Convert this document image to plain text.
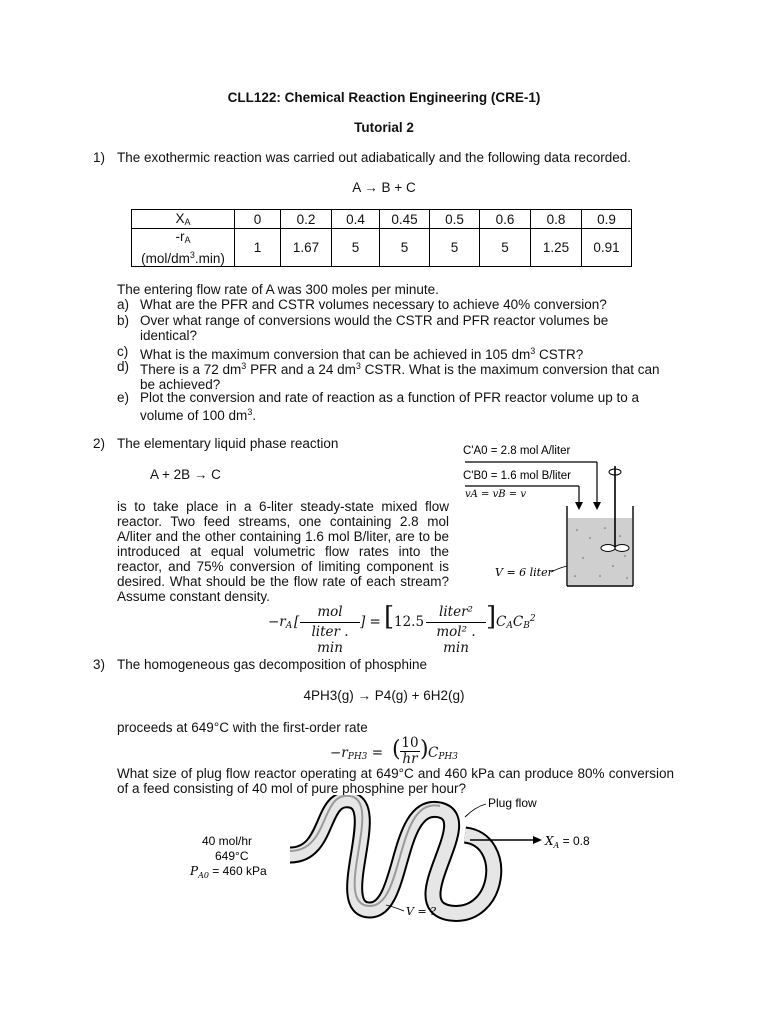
CLL122: Chemical Reaction Engineering (CRE-1)
Tutorial 2
1) The exothermic reaction was carried out adiabatically and the following data recorded.
A → B + C
$X_A$	0	0.2	0.4	0.45	0.5	0.6	0.8	0.9
$-r_A$
$(mol/dm^3.\min)$	1	1.67	5	5	5	5	1.25	0.91
The entering flow rate of A was 300 moles per minute.
a) What are the PFR and CSTR volumes necessary to achieve 40% conversion?
b) Over what range of conversions would the CSTR and PFR reactor volumes be identical?
c) What is the maximum conversion that can be achieved in 105 $dm^3$ CSTR?
d) There is a 72 $dm^3$ PFR and a 24 $dm^3$ CSTR. What is the maximum conversion that can be achieved?
e) Plot the conversion and rate of reaction as a function of PFR reactor volume up to a volume of 100 $dm^3$.
2) The elementary liquid phase reaction
A + 2B → C
is to take place in a 6-liter steady-state mixed flow reactor. Two feed streams, one containing 2.8 mol A/liter and the other containing 1.6 mol B/liter, are to be introduced at equal volumetric flow rates into the reactor, and 75% conversion of limiting component is desired. What should be the flow rate of each stream? Assume constant density.
C'A0 = 2.8 mol A/liter
C'B0 = 1.6 mol B/liter
vA = vB = v
V = 6 liter
$-r_A$ [
mol
liter . min
] = [ 12.5
liter²
mol² . min
] $C_AC_B^2$
3) The homogeneous gas decomposition of phosphine
4PH3(g) → P4(g) + 6H2(g)
proceeds at 649°C with the first-order rate
$-r_{PH3}$ = ( 10
hr ) $C_{PH3}$
What size of plug flow reactor operating at 649°C and 460 kPa can produce 80% conversion of a feed consisting of 40 mol of pure phosphine per hour?
40 mol/hr
649°C
$P_{A0} = 460$ kPa
Plug flow
$X_A = 0.8$
V = ?
